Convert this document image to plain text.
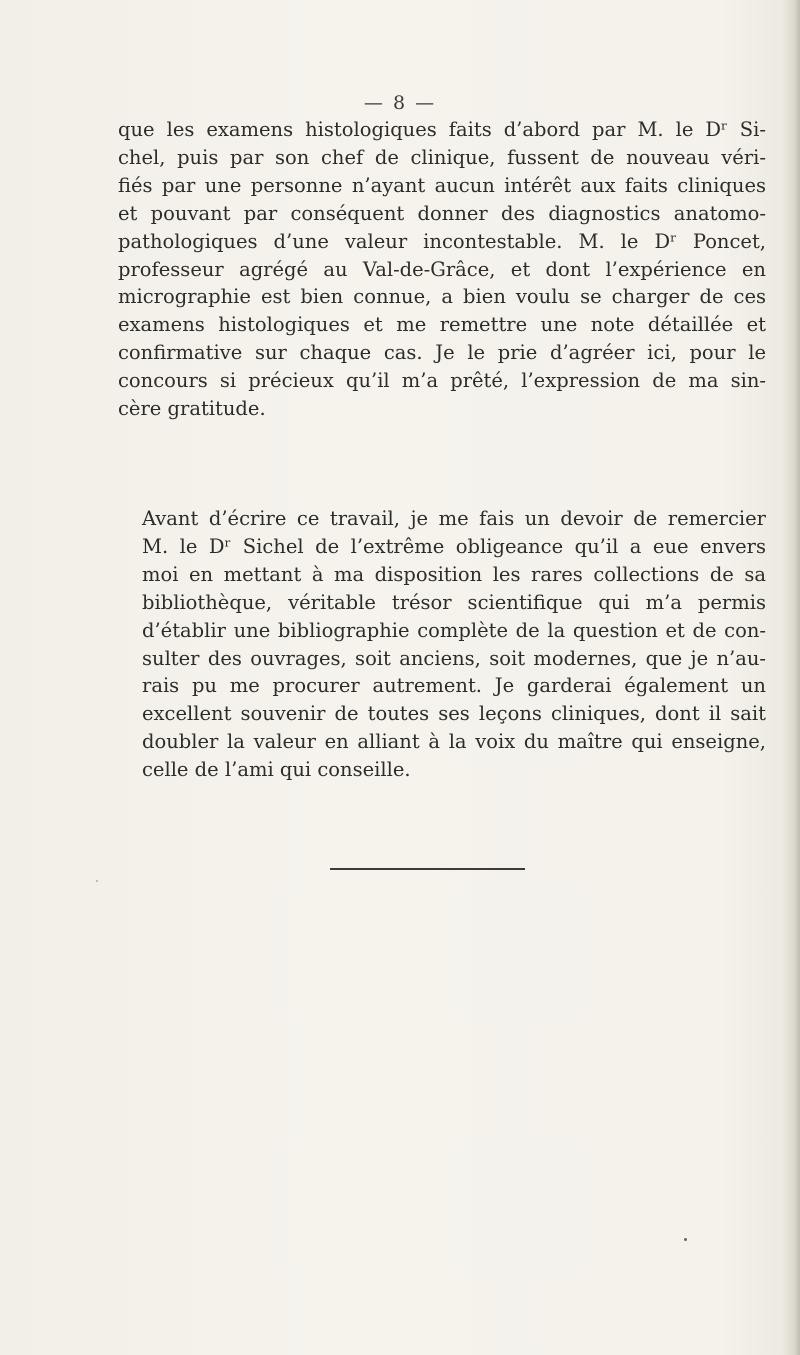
— 8 —
que les examens histologiques faits d’abord par M. le Dʳ Si-
chel, puis par son chef de clinique, fussent de nouveau véri-
fiés par une personne n’ayant aucun intérêt aux faits cliniques
et pouvant par conséquent donner des diagnostics anatomo-
pathologiques d’une valeur incontestable. M. le Dʳ Poncet,
professeur agrégé au Val-de-Grâce, et dont l’expérience en
micrographie est bien connue, a bien voulu se charger de ces
examens histologiques et me remettre une note détaillée et
confirmative sur chaque cas. Je le prie d’agréer ici, pour le
concours si précieux qu’il m’a prêté, l’expression de ma sin-
cère gratitude.
Avant d’écrire ce travail, je me fais un devoir de remercier
M. le Dʳ Sichel de l’extrême obligeance qu’il a eue envers
moi en mettant à ma disposition les rares collections de sa
bibliothèque, véritable trésor scientifique qui m’a permis
d’établir une bibliographie complète de la question et de con-
sulter des ouvrages, soit anciens, soit modernes, que je n’au-
rais pu me procurer autrement. Je garderai également un
excellent souvenir de toutes ses leçons cliniques, dont il sait
doubler la valeur en alliant à la voix du maître qui enseigne,
celle de l’ami qui conseille.
